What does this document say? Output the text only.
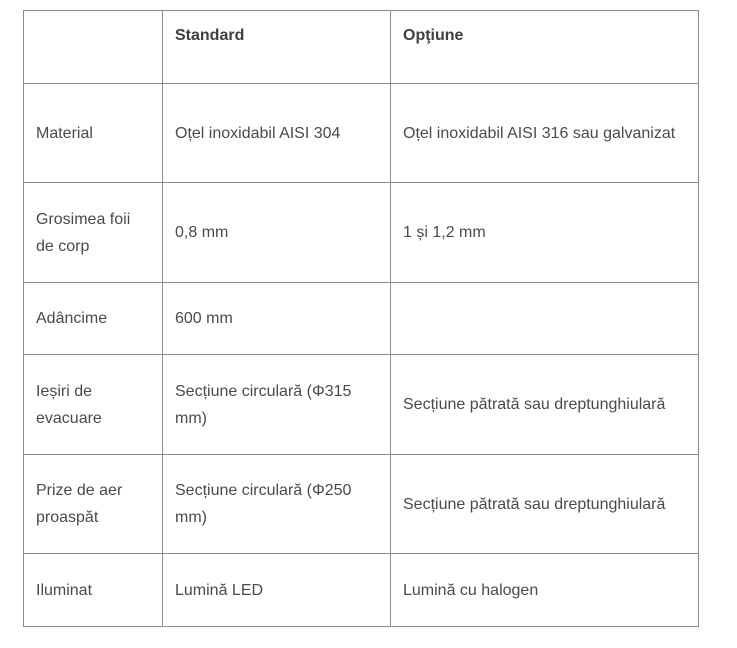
	Standard	Opţiune
Material	Oțel inoxidabil AISI 304	Oțel inoxidabil AISI 316 sau galvanizat
Grosimea foii de corp	0,8 mm	1 și 1,2 mm
Adâncime	600 mm	
Ieșiri de evacuare	Secțiune circulară (Φ315 mm)	Secțiune pătrată sau dreptunghiulară
Prize de aer proaspăt	Secțiune circulară (Φ250 mm)	Secțiune pătrată sau dreptunghiulară
Iluminat	Lumină LED	Lumină cu halogen
